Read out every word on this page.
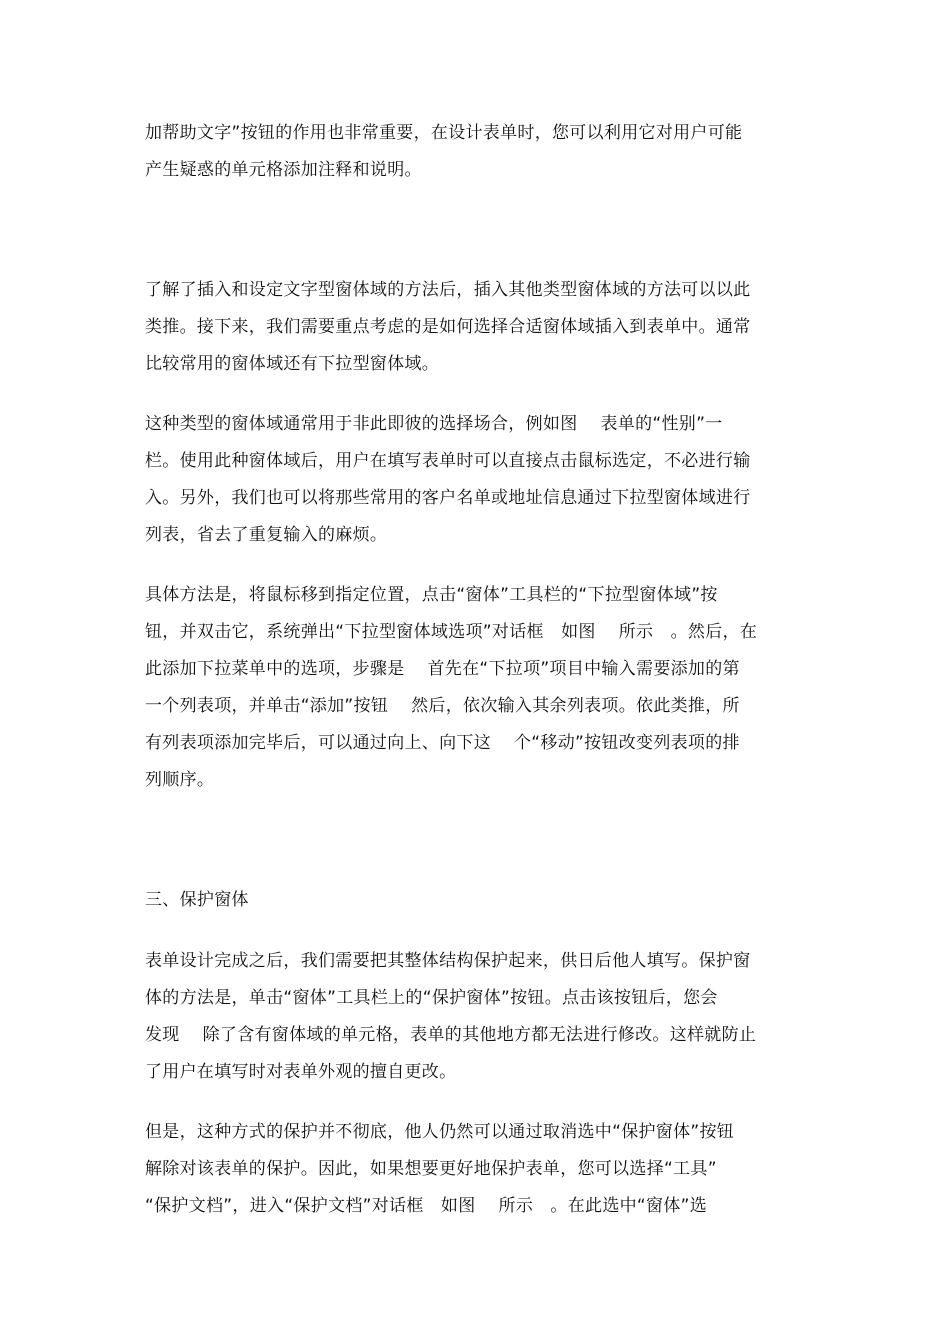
加帮助文字”按钮的作用也非常重要，在设计表单时，您可以利用它对用户可能

产生疑惑的单元格添加注释和说明。

了解了插入和设定文字型窗体域的方法后，插入其他类型窗体域的方法可以以此

类推。接下来，我们需要重点考虑的是如何选择合适窗体域插入到表单中。通常

比较常用的窗体域还有下拉型窗体域。

这种类型的窗体域通常用于非此即彼的选择场合，例如图　 表单的“性别”一

栏。使用此种窗体域后，用户在填写表单时可以直接点击鼠标选定，不必进行输

入。另外，我们也可以将那些常用的客户名单或地址信息通过下拉型窗体域进行

列表，省去了重复输入的麻烦。

具体方法是，将鼠标移到指定位置，点击“窗体”工具栏的“下拉型窗体域”按

钮，并双击它，系统弹出“下拉型窗体域选项”对话框　如图　 所示　。然后，在

此添加下拉菜单中的选项，步骤是　 首先在“下拉项”项目中输入需要添加的第

一个列表项，并单击“添加”按钮　 然后，依次输入其余列表项。依此类推，所

有列表项添加完毕后，可以通过向上、向下这　 个“移动”按钮改变列表项的排

列顺序。

三、保护窗体

表单设计完成之后，我们需要把其整体结构保护起来，供日后他人填写。保护窗

体的方法是，单击“窗体”工具栏上的“保护窗体”按钮。点击该按钮后，您会

发现　 除了含有窗体域的单元格，表单的其他地方都无法进行修改。这样就防止

了用户在填写时对表单外观的擅自更改。

但是，这种方式的保护并不彻底，他人仍然可以通过取消选中“保护窗体”按钮

解除对该表单的保护。因此，如果想要更好地保护表单，您可以选择“工具”

“保护文档”，进入“保护文档”对话框　如图　 所示　。在此选中“窗体”选
